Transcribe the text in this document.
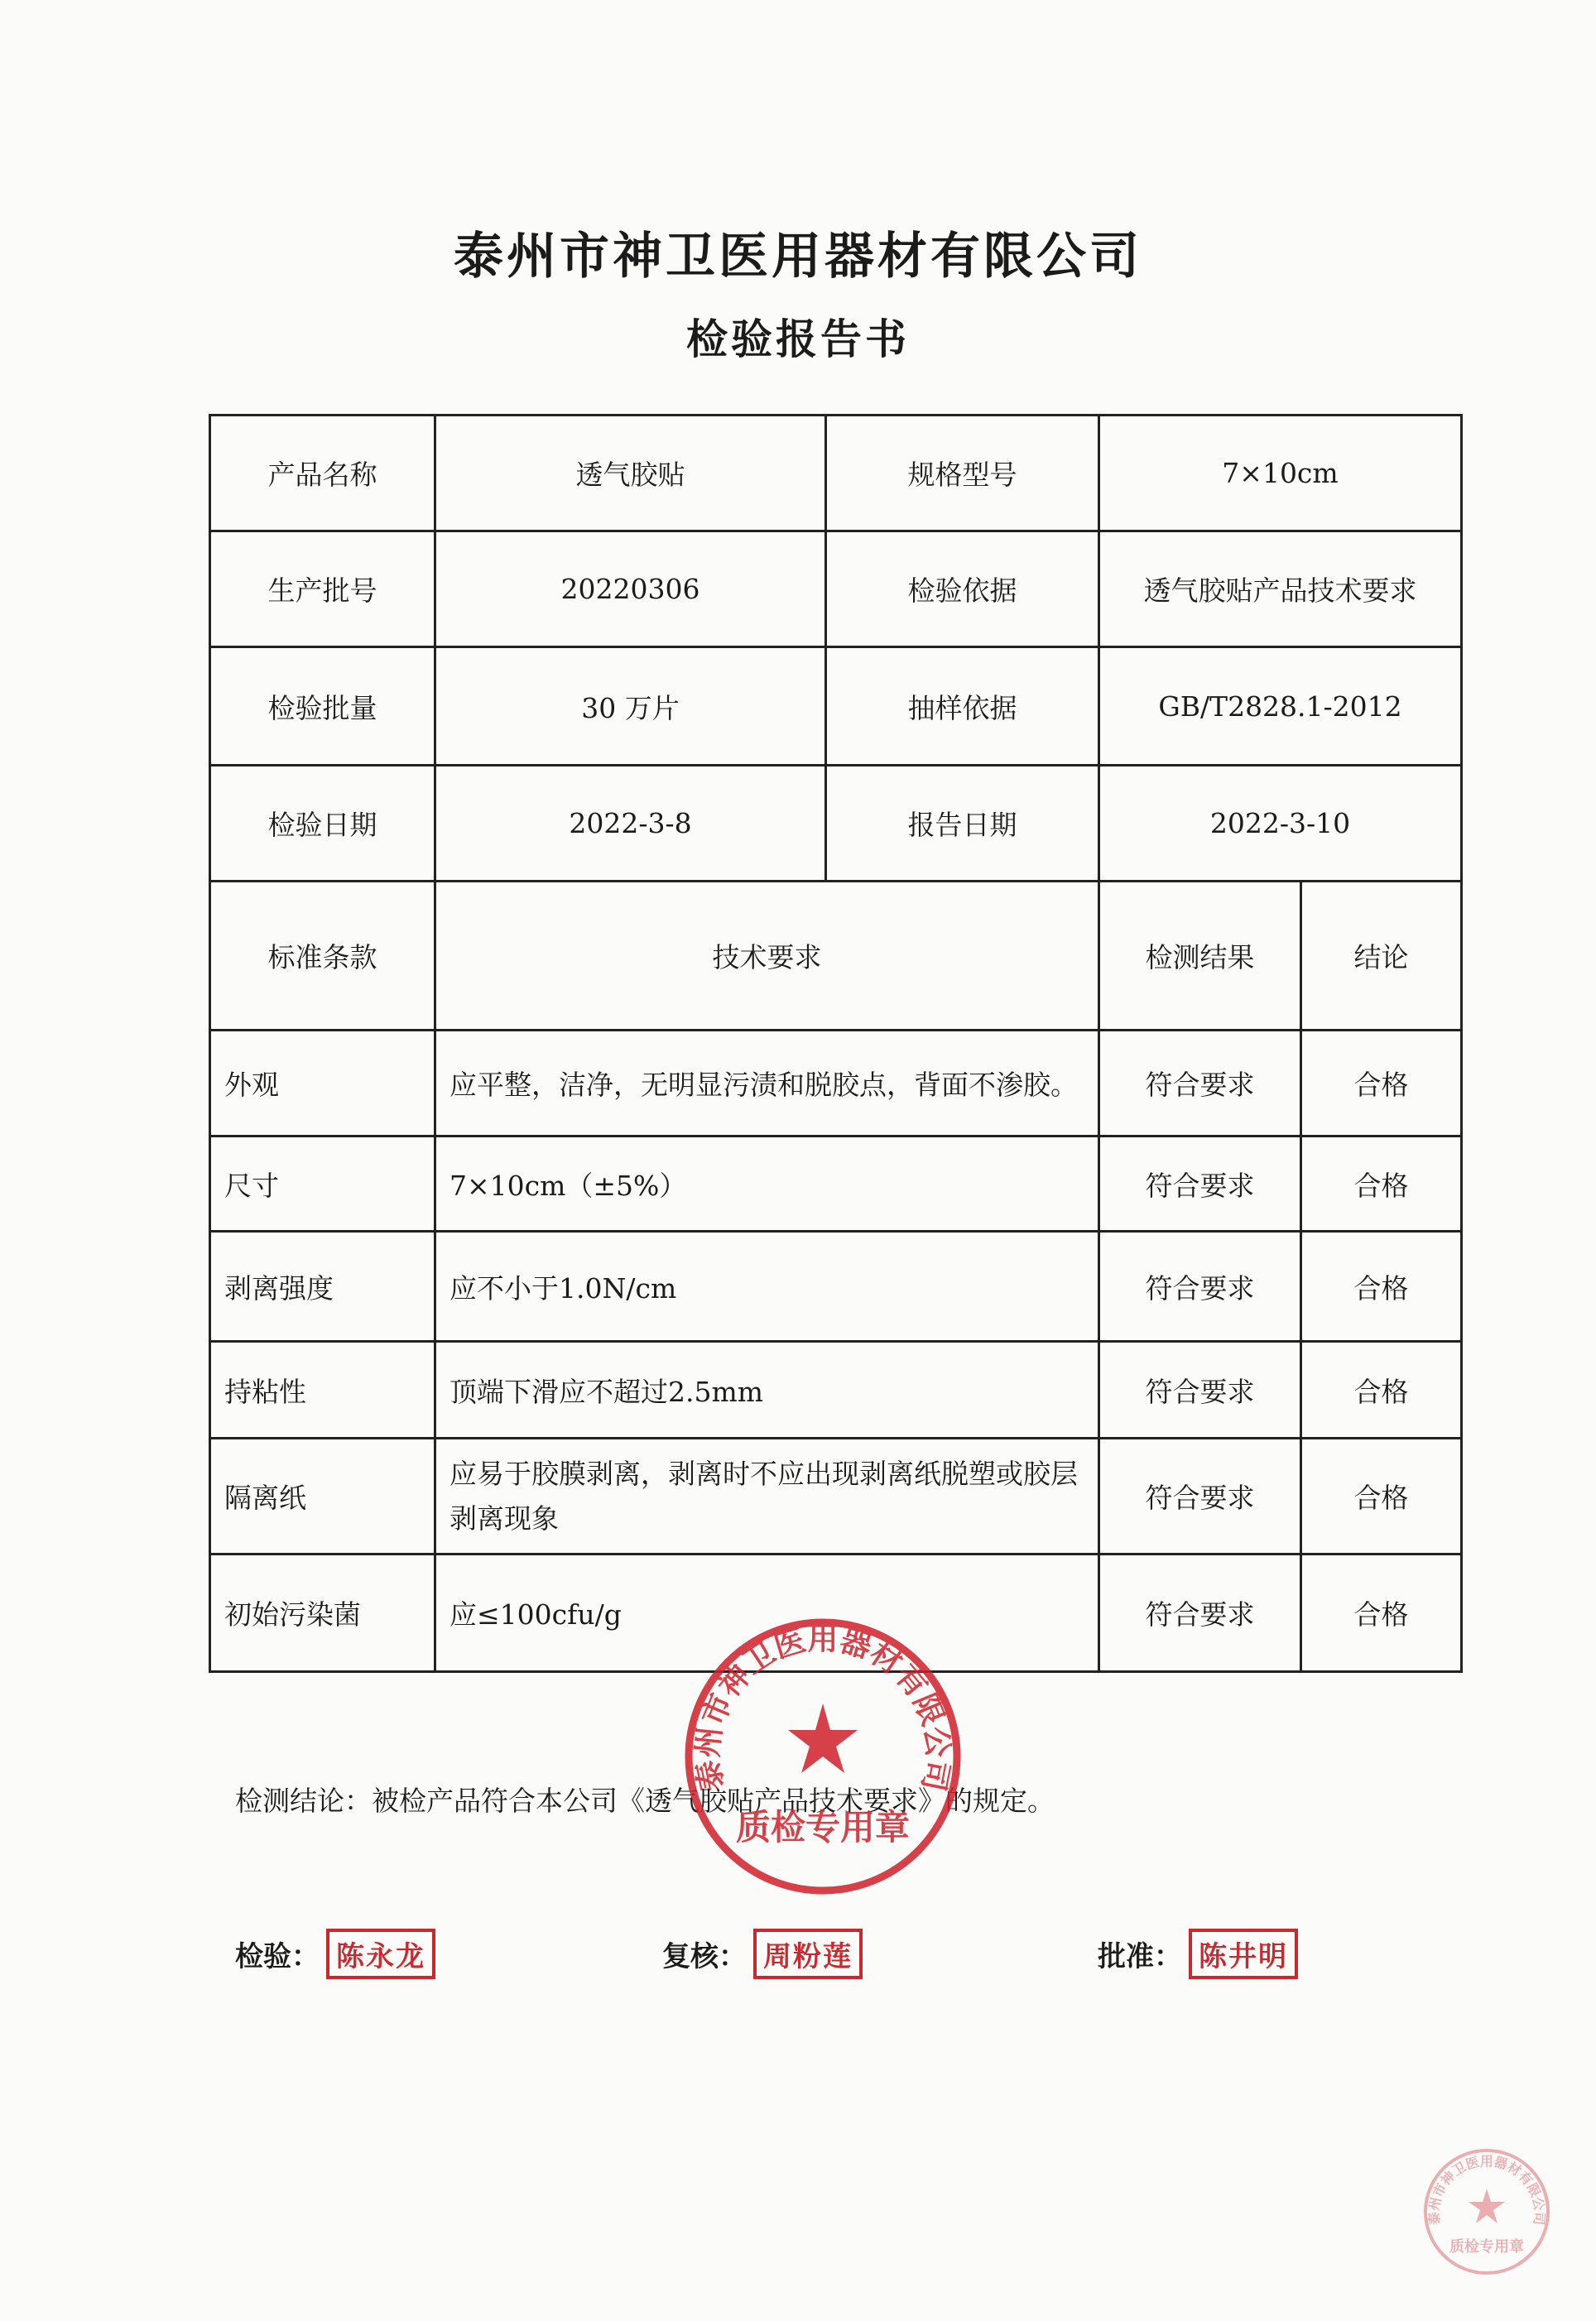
泰州市神卫医用器材有限公司
检验报告书
产品名称	透气胶贴	规格型号	7×10cm	
生产批号	20220306	检验依据	透气胶贴产品技术要求	
检验批量	30 万片	抽样依据	GB/T2828.1-2012	
检验日期	2022-3-8	报告日期	2022-3-10	
标准条款	技术要求		检测结果	结论
外观	应平整，洁净，无明显污渍和脱胶点，背面不渗胶。		符合要求	合格
尺寸	7×10cm（±5%）		符合要求	合格
剥离强度	应不小于1.0N/cm		符合要求	合格
持粘性	顶端下滑应不超过2.5mm		符合要求	合格
隔离纸	应易于胶膜剥离，剥离时不应出现剥离纸脱塑或胶层剥离现象		符合要求	合格
初始污染菌	应≤100cfu/g		符合要求	合格
检测结论：被检产品符合本公司《透气胶贴产品技术要求》的规定。
泰州市神卫医用器材有限公司
质检专用章
检验： 陈永龙	复核： 周粉莲	批准： 陈井明
泰州市神卫医用器材有限公司
质检专用章
